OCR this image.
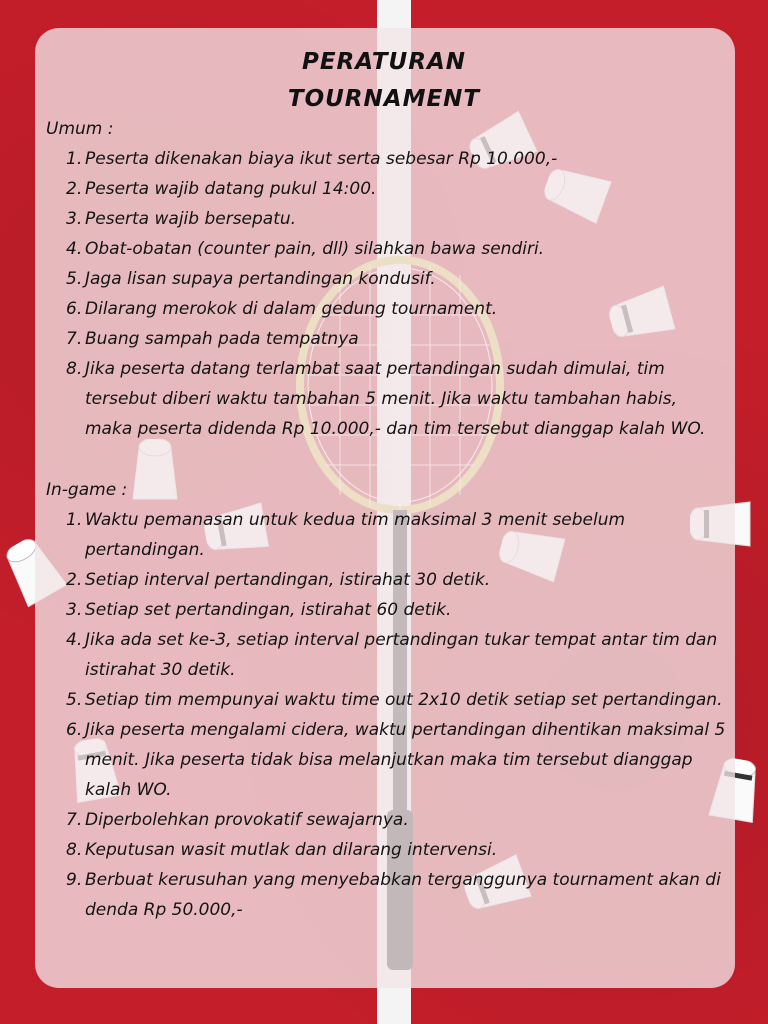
PERATURAN
TOURNAMENT

Umum :

1. Peserta dikenakan biaya ikut serta sebesar Rp 10.000,-
2. Peserta wajib datang pukul 14:00.
3. Peserta wajib bersepatu.
4. Obat-obatan (counter pain, dll) silahkan bawa sendiri.
5. Jaga lisan supaya pertandingan kondusif.
6. Dilarang merokok di dalam gedung tournament.
7. Buang sampah pada tempatnya
8. Jika peserta datang terlambat saat pertandingan sudah dimulai, tim tersebut diberi waktu tambahan 5 menit. Jika waktu tambahan habis, maka peserta didenda Rp 10.000,- dan tim tersebut dianggap kalah WO.

In-game :

1. Waktu pemanasan untuk kedua tim maksimal 3 menit sebelum pertandingan.
2. Setiap interval pertandingan, istirahat 30 detik.
3. Setiap set pertandingan, istirahat 60 detik.
4. Jika ada set ke-3, setiap interval pertandingan tukar tempat antar tim dan istirahat 30 detik.
5. Setiap tim mempunyai waktu time out 2x10 detik setiap set pertandingan.
6. Jika peserta mengalami cidera, waktu pertandingan dihentikan maksimal 5 menit. Jika peserta tidak bisa melanjutkan maka tim tersebut dianggap kalah WO.
7. Diperbolehkan provokatif sewajarnya.
8. Keputusan wasit mutlak dan dilarang intervensi.
9. Berbuat kerusuhan yang menyebabkan terganggunya tournament akan di denda Rp 50.000,-
